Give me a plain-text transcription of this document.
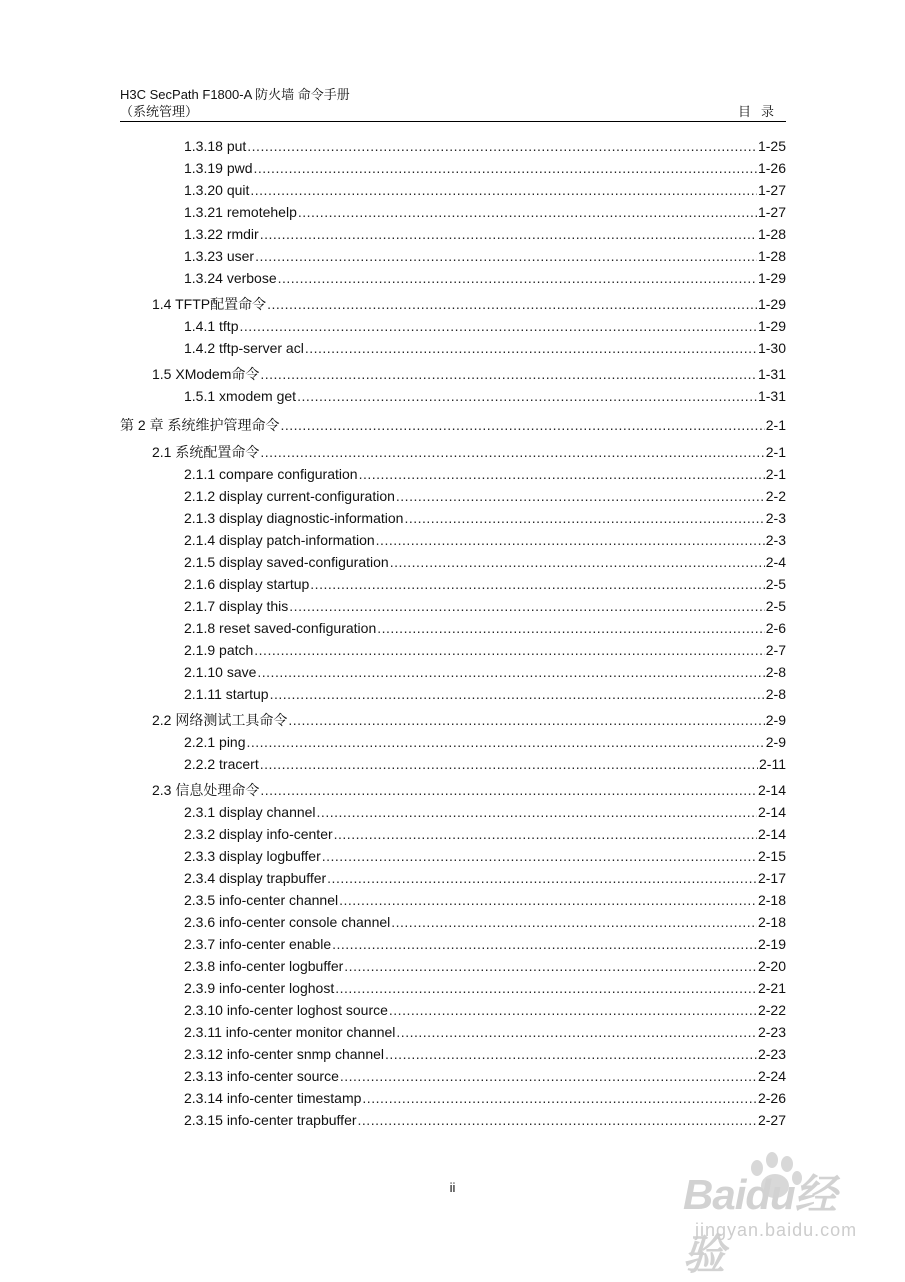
H3C SecPath F1800-A 防火墙 命令手册
（系统管理）	目录
1.3.18 put .....	1-25
1.3.19 pwd .....	1-26
1.3.20 quit .....	1-27
1.3.21 remotehelp .....	1-27
1.3.22 rmdir .....	1-28
1.3.23 user .....	1-28
1.3.24 verbose .....	1-29
1.4 TFTP配置命令 .....	1-29
1.4.1 tftp .....	1-29
1.4.2 tftp-server acl .....	1-30
1.5 XModem命令 .....	1-31
1.5.1 xmodem get .....	1-31
第 2 章 系统维护管理命令 .....	2-1
2.1 系统配置命令 .....	2-1
2.1.1 compare configuration .....	2-1
2.1.2 display current-configuration .....	2-2
2.1.3 display diagnostic-information .....	2-3
2.1.4 display patch-information .....	2-3
2.1.5 display saved-configuration .....	2-4
2.1.6 display startup .....	2-5
2.1.7 display this .....	2-5
2.1.8 reset saved-configuration .....	2-6
2.1.9 patch .....	2-7
2.1.10 save .....	2-8
2.1.11 startup .....	2-8
2.2 网络测试工具命令 .....	2-9
2.2.1 ping .....	2-9
2.2.2 tracert .....	2-11
2.3 信息处理命令 .....	2-14
2.3.1 display channel .....	2-14
2.3.2 display info-center .....	2-14
2.3.3 display logbuffer .....	2-15
2.3.4 display trapbuffer .....	2-17
2.3.5 info-center channel .....	2-18
2.3.6 info-center console channel .....	2-18
2.3.7 info-center enable .....	2-19
2.3.8 info-center logbuffer .....	2-20
2.3.9 info-center loghost .....	2-21
2.3.10 info-center loghost source .....	2-22
2.3.11 info-center monitor channel .....	2-23
2.3.12 info-center snmp channel .....	2-23
2.3.13 info-center source .....	2-24
2.3.14 info-center timestamp .....	2-26
2.3.15 info-center trapbuffer .....	2-27
ii	Baidu经验
jingyan.baidu.com
